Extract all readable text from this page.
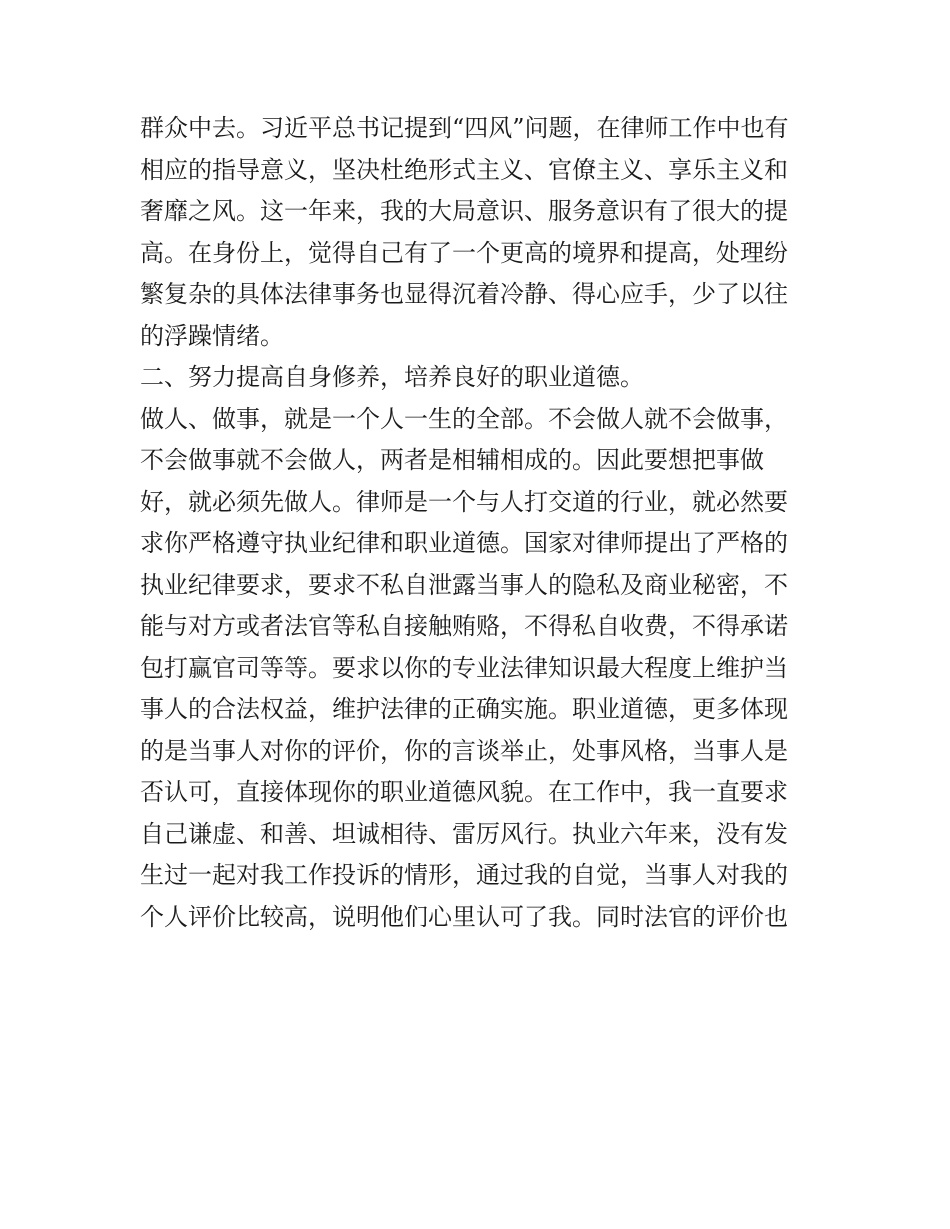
群众中去。习近平总书记提到“四风”问题，在律师工作中也有
相应的指导意义，坚决杜绝形式主义、官僚主义、享乐主义和
奢靡之风。这一年来，我的大局意识、服务意识有了很大的提
高。在身份上，觉得自己有了一个更高的境界和提高，处理纷
繁复杂的具体法律事务也显得沉着冷静、得心应手，少了以往
的浮躁情绪。
二、努力提高自身修养，培养良好的职业道德。
做人、做事，就是一个人一生的全部。不会做人就不会做事，
不会做事就不会做人，两者是相辅相成的。因此要想把事做
好，就必须先做人。律师是一个与人打交道的行业，就必然要
求你严格遵守执业纪律和职业道德。国家对律师提出了严格的
执业纪律要求，要求不私自泄露当事人的隐私及商业秘密，不
能与对方或者法官等私自接触贿赂，不得私自收费，不得承诺
包打赢官司等等。要求以你的专业法律知识最大程度上维护当
事人的合法权益，维护法律的正确实施。职业道德，更多体现
的是当事人对你的评价，你的言谈举止，处事风格，当事人是
否认可，直接体现你的职业道德风貌。在工作中，我一直要求
自己谦虚、和善、坦诚相待、雷厉风行。执业六年来，没有发
生过一起对我工作投诉的情形，通过我的自觉，当事人对我的
个人评价比较高，说明他们心里认可了我。同时法官的评价也
